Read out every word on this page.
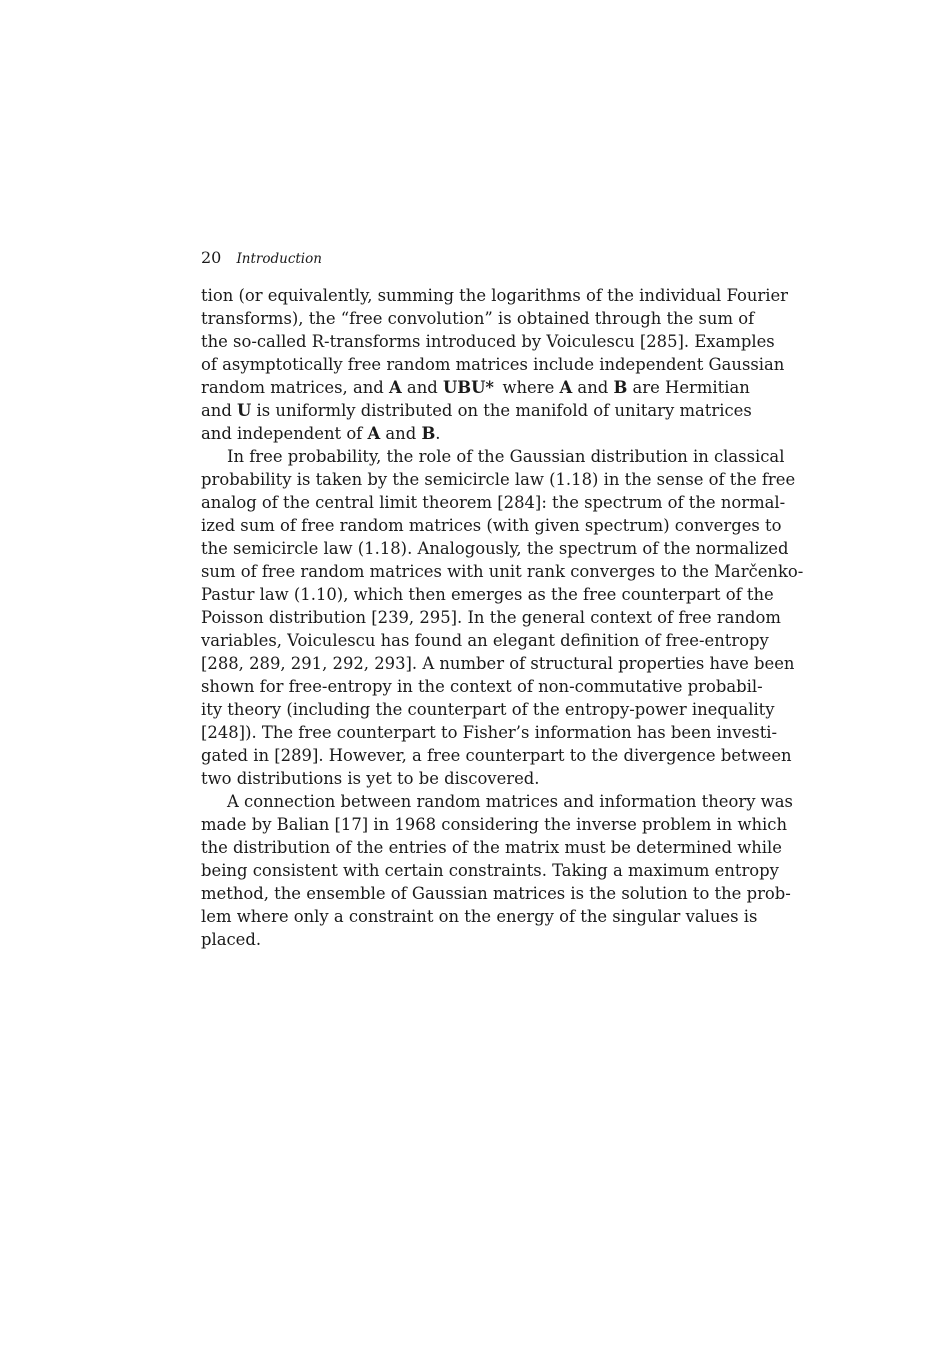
20 Introduction

tion (or equivalently, summing the logarithms of the individual Fourier
transforms), the “free convolution” is obtained through the sum of
the so-called R-transforms introduced by Voiculescu [285]. Examples
of asymptotically free random matrices include independent Gaussian
random matrices, and A and UBU*  where A and B are Hermitian
and U is uniformly distributed on the manifold of unitary matrices
and independent of A and B.

In free probability, the role of the Gaussian distribution in classical
probability is taken by the semicircle law (1.18) in the sense of the free
analog of the central limit theorem [284]: the spectrum of the normal-
ized sum of free random matrices (with given spectrum) converges to
the semicircle law (1.18). Analogously, the spectrum of the normalized
sum of free random matrices with unit rank converges to the Marčenko-
Pastur law (1.10), which then emerges as the free counterpart of the
Poisson distribution [239, 295]. In the general context of free random
variables, Voiculescu has found an elegant definition of free-entropy
[288, 289, 291, 292, 293]. A number of structural properties have been
shown for free-entropy in the context of non-commutative probabil-
ity theory (including the counterpart of the entropy-power inequality
[248]). The free counterpart to Fisher’s information has been investi-
gated in [289]. However, a free counterpart to the divergence between
two distributions is yet to be discovered.

A connection between random matrices and information theory was
made by Balian [17] in 1968 considering the inverse problem in which
the distribution of the entries of the matrix must be determined while
being consistent with certain constraints. Taking a maximum entropy
method, the ensemble of Gaussian matrices is the solution to the prob-
lem where only a constraint on the energy of the singular values is
placed.
